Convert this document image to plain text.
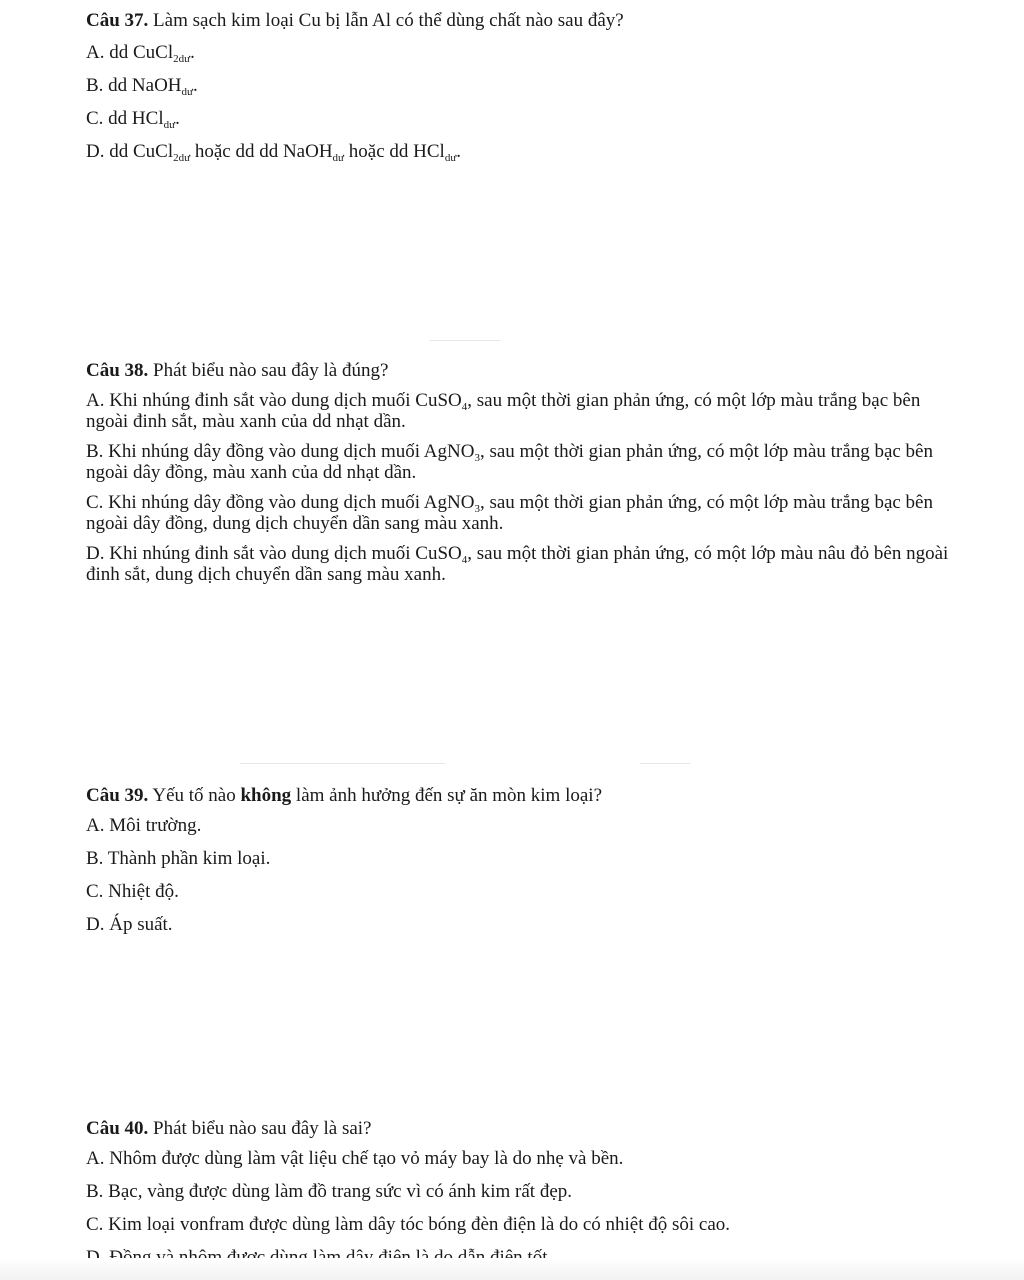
Câu 37. Làm sạch kim loại Cu bị lẫn Al có thể dùng chất nào sau đây?

A. dd CuCl$_{2dư}$.

B. dd NaOH$_{dư}$.

C. dd HCl$_{dư}$.

D. dd CuCl$_{2dư}$ hoặc dd dd NaOH$_{dư}$ hoặc dd HCl$_{dư}$.

Câu 38. Phát biểu nào sau đây là đúng?

A. Khi nhúng đinh sắt vào dung dịch muối CuSO$_4$, sau một thời gian phản ứng, có một lớp màu trắng bạc bên ngoài đinh sắt, màu xanh của dd nhạt dần.

B. Khi nhúng dây đồng vào dung dịch muối AgNO$_3$, sau một thời gian phản ứng, có một lớp màu trắng bạc bên ngoài dây đồng, màu xanh của dd nhạt dần.

C. Khi nhúng dây đồng vào dung dịch muối AgNO$_3$, sau một thời gian phản ứng, có một lớp màu trắng bạc bên ngoài dây đồng, dung dịch chuyển dần sang màu xanh.

D. Khi nhúng đinh sắt vào dung dịch muối CuSO$_4$, sau một thời gian phản ứng, có một lớp màu nâu đỏ bên ngoài đinh sắt, dung dịch chuyển dần sang màu xanh.

Câu 39. Yếu tố nào không làm ảnh hưởng đến sự ăn mòn kim loại?

A. Môi trường.

B. Thành phần kim loại.

C. Nhiệt độ.

D. Áp suất.

Câu 40. Phát biểu nào sau đây là sai?

A. Nhôm được dùng làm vật liệu chế tạo vỏ máy bay là do nhẹ và bền.

B. Bạc, vàng được dùng làm đồ trang sức vì có ánh kim rất đẹp.

C. Kim loại vonfram được dùng làm dây tóc bóng đèn điện là do có nhiệt độ sôi cao.
